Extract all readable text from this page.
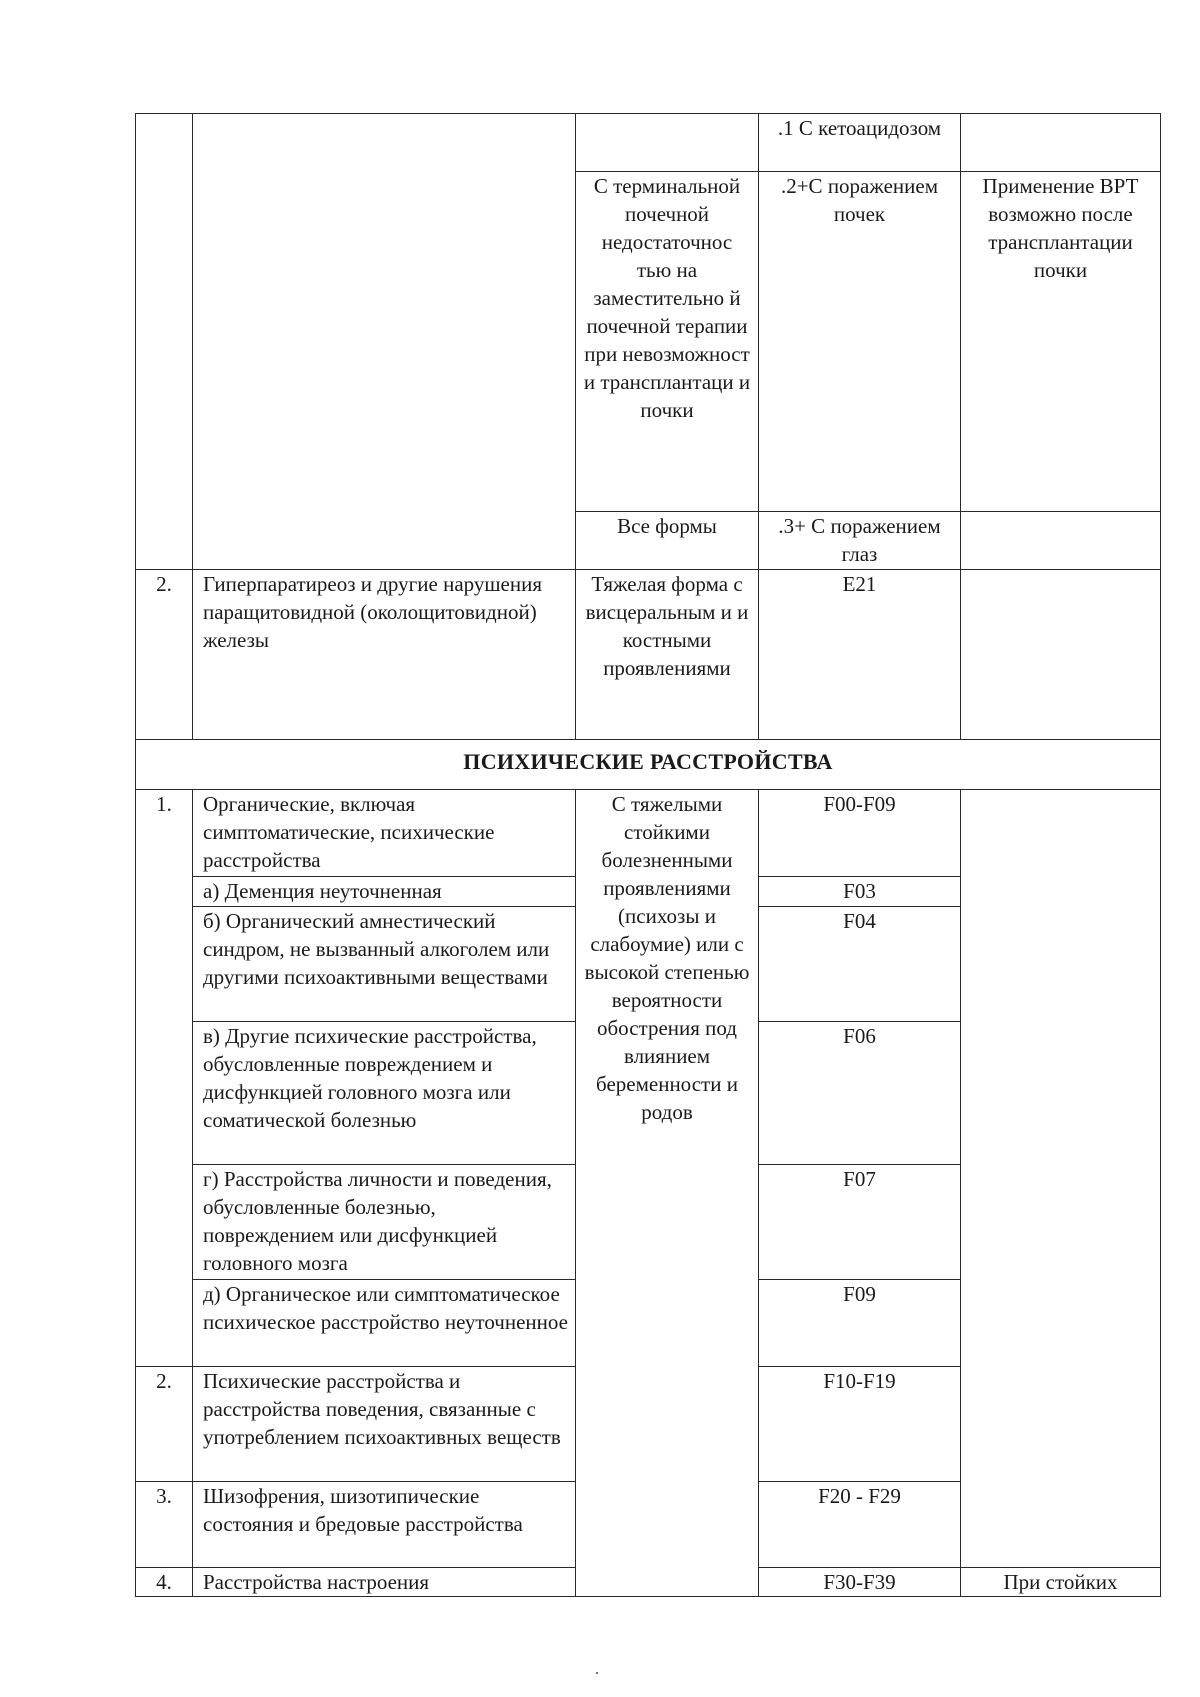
			.1 С кетоацидозом	
		С терминальной почечной недостаточнос тью на заместительно й почечной терапии при невозможност и трансплантаци и почки	.2+С поражением почек	Применение ВРТ возможно после трансплантации почки
		Все формы	.3+ С поражением глаз	
2.	Гиперпаратиреоз и другие нарушения паращитовидной (околощитовидной) железы	Тяжелая форма с висцеральным и и костными проявлениями	E21	
ПСИХИЧЕСКИЕ РАССТРОЙСТВА				
1.	Органические, включая симптоматические, психические расстройства	С тяжелыми стойкими болезненными проявлениями (психозы и слабоумие) или с высокой степенью вероятности обострения под влиянием беременности и родов	F00-F09	
	а) Деменция неуточненная		F03	
	б) Органический амнестический синдром, не вызванный алкоголем или другими психоактивными веществами		F04	
	в) Другие психические расстройства, обусловленные повреждением и дисфункцией головного мозга или соматической болезнью		F06	
	г) Расстройства личности и поведения, обусловленные болезнью, повреждением или дисфункцией головного мозга		F07	
	д) Органическое или симптоматическое психическое расстройство неуточненное		F09	
2.	Психические расстройства и расстройства поведения, связанные с употреблением психоактивных веществ		F10-F19	
3.	Шизофрения, шизотипические состояния и бредовые расстройства		F20 - F29	
4.	Расстройства настроения		F30-F39	При стойких
